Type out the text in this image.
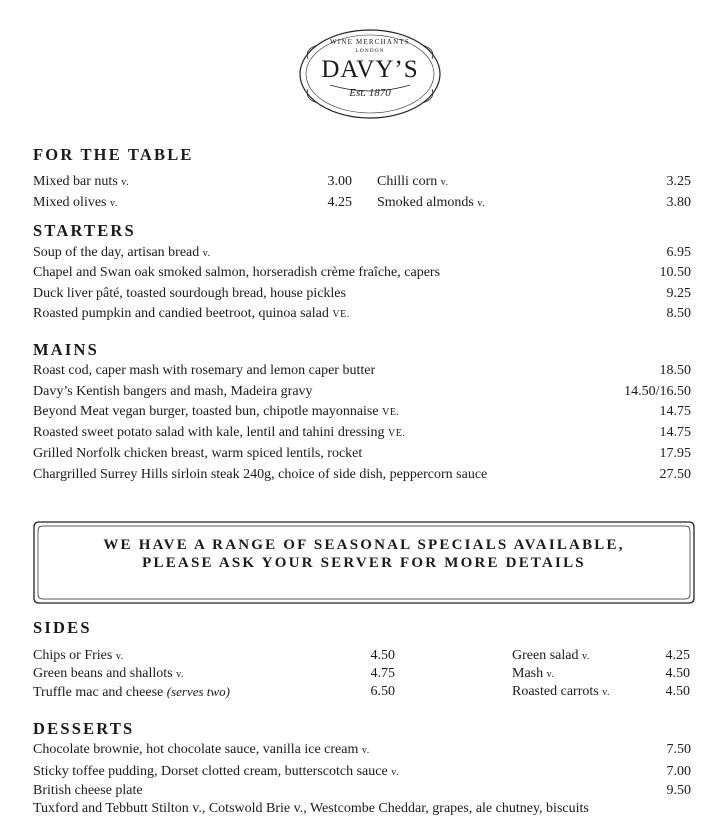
WINE MERCHANTS
LONDON
DAVY’S
Est. 1870
FOR THE TABLE
Mixed bar nuts v.	3.00
Mixed olives v.	4.25
Chilli corn v.	3.25
Smoked almonds v.	3.80
STARTERS
Soup of the day, artisan bread v.	6.95
Chapel and Swan oak smoked salmon, horseradish crème fraîche, capers	10.50
Duck liver pâté, toasted sourdough bread, house pickles	9.25
Roasted pumpkin and candied beetroot, quinoa salad VE.	8.50
MAINS
Roast cod, caper mash with rosemary and lemon caper butter	18.50
Davy’s Kentish bangers and mash, Madeira gravy	14.50/16.50
Beyond Meat vegan burger, toasted bun, chipotle mayonnaise VE.	14.75
Roasted sweet potato salad with kale, lentil and tahini dressing VE.	14.75
Grilled Norfolk chicken breast, warm spiced lentils, rocket	17.95
Chargrilled Surrey Hills sirloin steak 240g, choice of side dish, peppercorn sauce	27.50
WE HAVE A RANGE OF SEASONAL SPECIALS AVAILABLE,
PLEASE ASK YOUR SERVER FOR MORE DETAILS
SIDES
Chips or Fries v.	4.50
Green beans and shallots v.	4.75
Truffle mac and cheese (serves two)	6.50
Green salad v.	4.25
Mash v.	4.50
Roasted carrots v.	4.50
DESSERTS
Chocolate brownie, hot chocolate sauce, vanilla ice cream v.	7.50
Sticky toffee pudding, Dorset clotted cream, butterscotch sauce v.	7.00
British cheese plate	9.50
Tuxford and Tebbutt Stilton v., Cotswold Brie v., Westcombe Cheddar, grapes, ale chutney, biscuits
